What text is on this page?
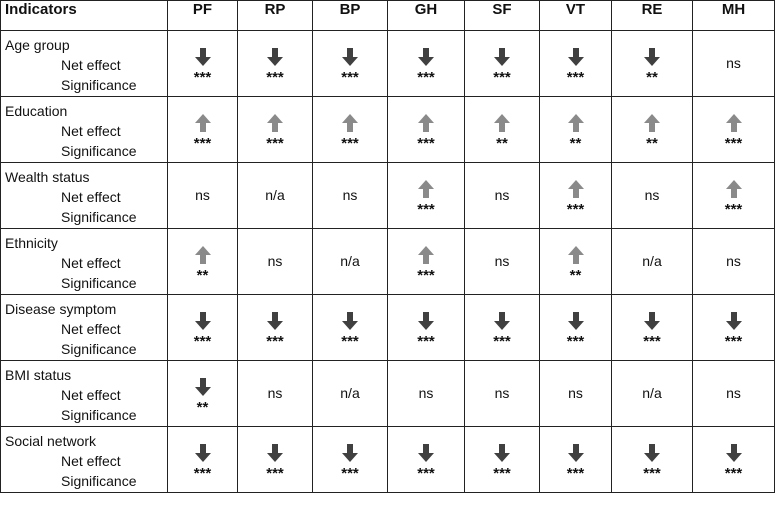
Indicators	PF	RP	BP	GH	SF	VT	RE	MH

Age group
Net effect
Significance	***	***	***	***	***	***	**	ns

Education
Net effect
Significance	***	***	***	***	**	**	**	***

Wealth status
Net effect
Significance	ns	n/a	ns	***	ns	***	ns	***

Ethnicity
Net effect
Significance	**	ns	n/a	***	ns	**	n/a	ns

Disease symptom
Net effect
Significance	***	***	***	***	***	***	***	***

BMI status
Net effect
Significance	**	ns	n/a	ns	ns	ns	n/a	ns

Social network
Net effect
Significance	***	***	***	***	***	***	***	***
